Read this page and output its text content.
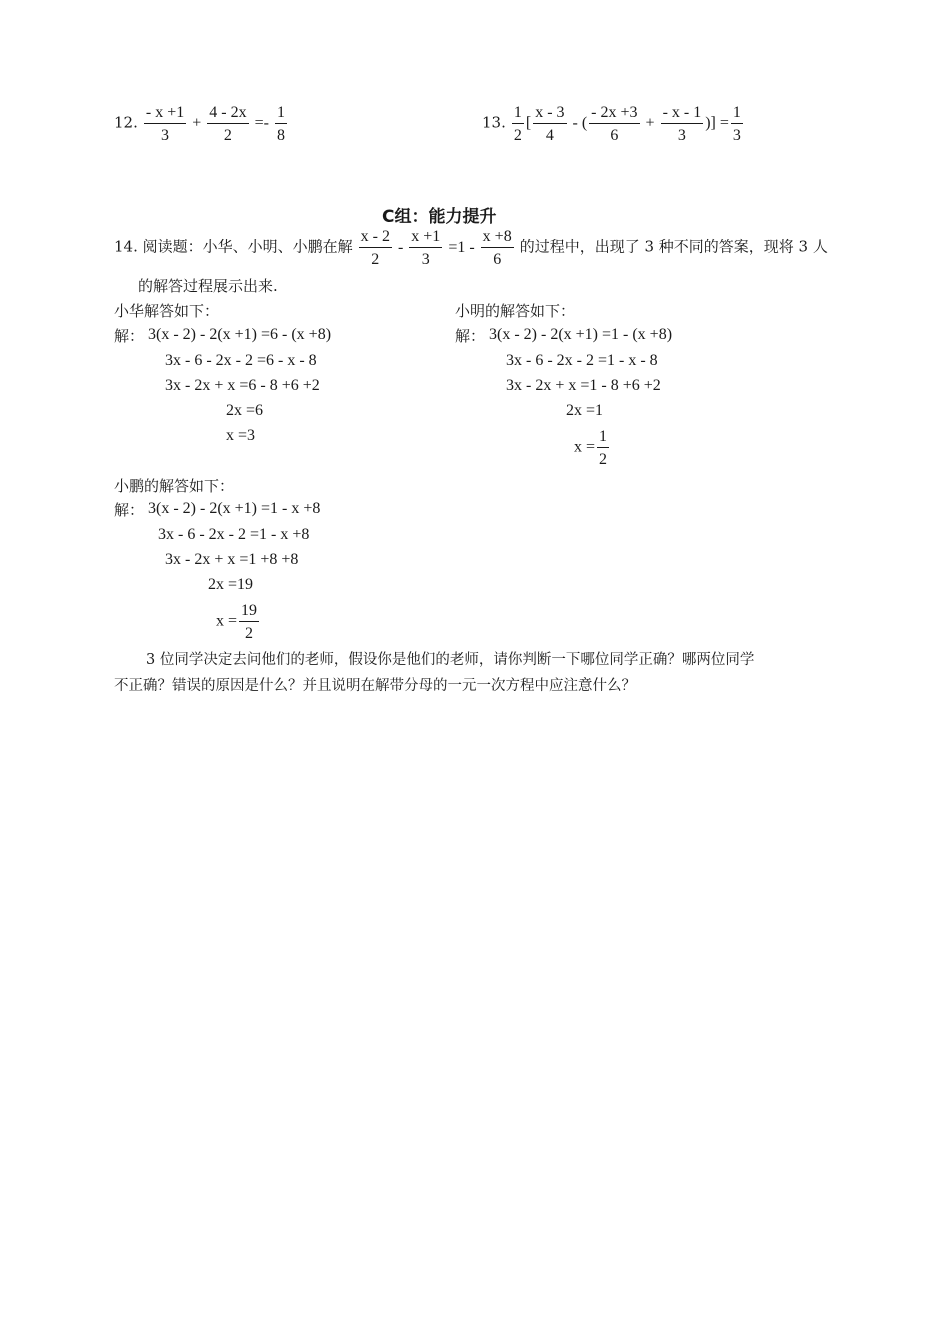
12. $\frac{- x +1}{3} + \frac{4 - 2x}{2} =- \frac{1}{8}$	13. $\frac{1}{2}$ [ $\frac{x - 3}{4}$ - ( $\frac{- 2x +3}{6} + \frac{- x - 1}{3}$ )] = $\frac{1}{3}$
C组：能力提升
14. 阅读题：小华、小明、小鹏在解 $\frac{x - 2}{2} - \frac{x +1}{3} =1 - \frac{x +8}{6}$ 的过程中，出现了 3 种不同的答案，现将 3 人
的解答过程展示出来.
小华解答如下：
解： 3(x - 2) - 2(x +1) =6 - (x +8)
3x - 6 - 2x - 2 =6 - x - 8
3x - 2x + x =6 - 8 +6 +2
2x =6
x =3
小明的解答如下：
解： 3(x - 2) - 2(x +1) =1 - (x +8)
3x - 6 - 2x - 2 =1 - x - 8
3x - 2x + x =1 - 8 +6 +2
2x =1
$x = \frac{1}{2}$
小鹏的解答如下：
解： 3(x - 2) - 2(x +1) =1 - x +8
3x - 6 - 2x - 2 =1 - x +8
3x - 2x + x =1 +8 +8
2x =19
$x = \frac{19}{2}$
3 位同学决定去问他们的老师，假设你是他们的老师，请你判断一下哪位同学正确？哪两位同学
不正确？错误的原因是什么？并且说明在解带分母的一元一次方程中应注意什么？
